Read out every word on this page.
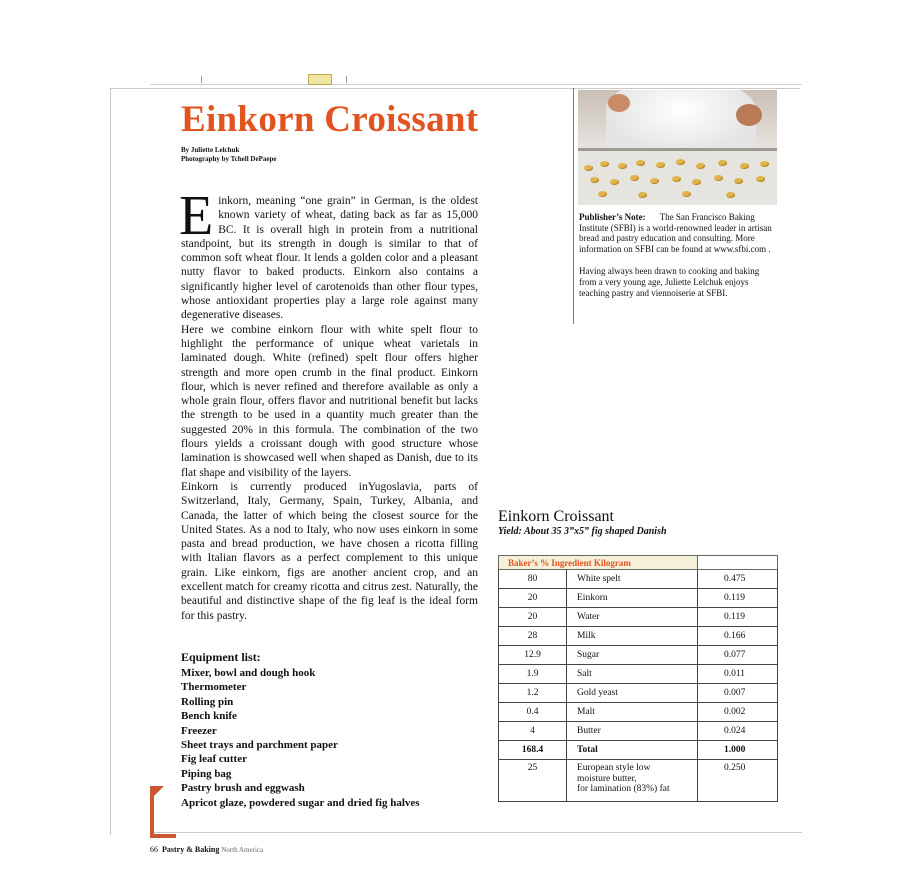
Einkorn Croissant
By Juliette Lelchuk
Photography by Tchell DePaepe

Einkorn, meaning “one grain” in German, is the oldest known variety of wheat, dating back as far as 15,000 BC. It is overall high in protein from a nutritional standpoint, but its strength in dough is similar to that of common soft wheat flour. It lends a golden color and a pleasant nutty flavor to baked products. Einkorn also contains a significantly higher level of carotenoids than other flour types, whose antioxidant properties play a large role against many degenerative diseases.

Here we combine einkorn flour with white spelt flour to highlight the performance of unique wheat varietals in laminated dough. White (refined) spelt flour offers higher strength and more open crumb in the final product. Einkorn flour, which is never refined and therefore available as only a whole grain flour, offers flavor and nutritional benefit but lacks the strength to be used in a quantity much greater than the suggested 20% in this formula. The combination of the two flours yields a croissant dough with good structure whose lamination is showcased well when shaped as Danish, due to its flat shape and visibility of the layers.

Einkorn is currently produced inYugoslavia, parts of Switzerland, Italy, Germany, Spain, Turkey, Albania, and Canada, the latter of which being the closest source for the United States. As a nod to Italy, who now uses einkorn in some pasta and bread production, we have chosen a ricotta filling with Italian flavors as a perfect complement to this unique grain. Like einkorn, figs are another ancient crop, and an excellent match for creamy ricotta and citrus zest. Naturally, the beautiful and distinctive shape of the fig leaf is the ideal form for this pastry.

Equipment list:
Mixer, bowl and dough hook
Thermometer
Rolling pin
Bench knife
Freezer
Sheet trays and parchment paper
Fig leaf cutter
Piping bag
Pastry brush and eggwash
Apricot glaze, powdered sugar and dried fig halves

Publisher’s Note: The San Francisco Baking Institute (SFBI) is a world-renowned leader in artisan bread and pastry education and consulting. More information on SFBI can be found at www.sfbi.com .

Having always been drawn to cooking and baking from a very young age, Juliette Lelchuk enjoys teaching pastry and viennoiserie at SFBI.

Einkorn Croissant
Yield: About 35 3”x5” fig shaped Danish
Baker’s % Ingredient Kilogram		
80	White spelt	0.475
20	Einkorn	0.119
20	Water	0.119
28	Milk	0.166
12.9	Sugar	0.077
1.9	Salt	0.011
1.2	Gold yeast	0.007
0.4	Malt	0.002
4	Butter	0.024
168.4	Total	1.000
25	European style low
moisture butter,
for lamination (83%) fat	0.250
66 Pastry & Baking North America
